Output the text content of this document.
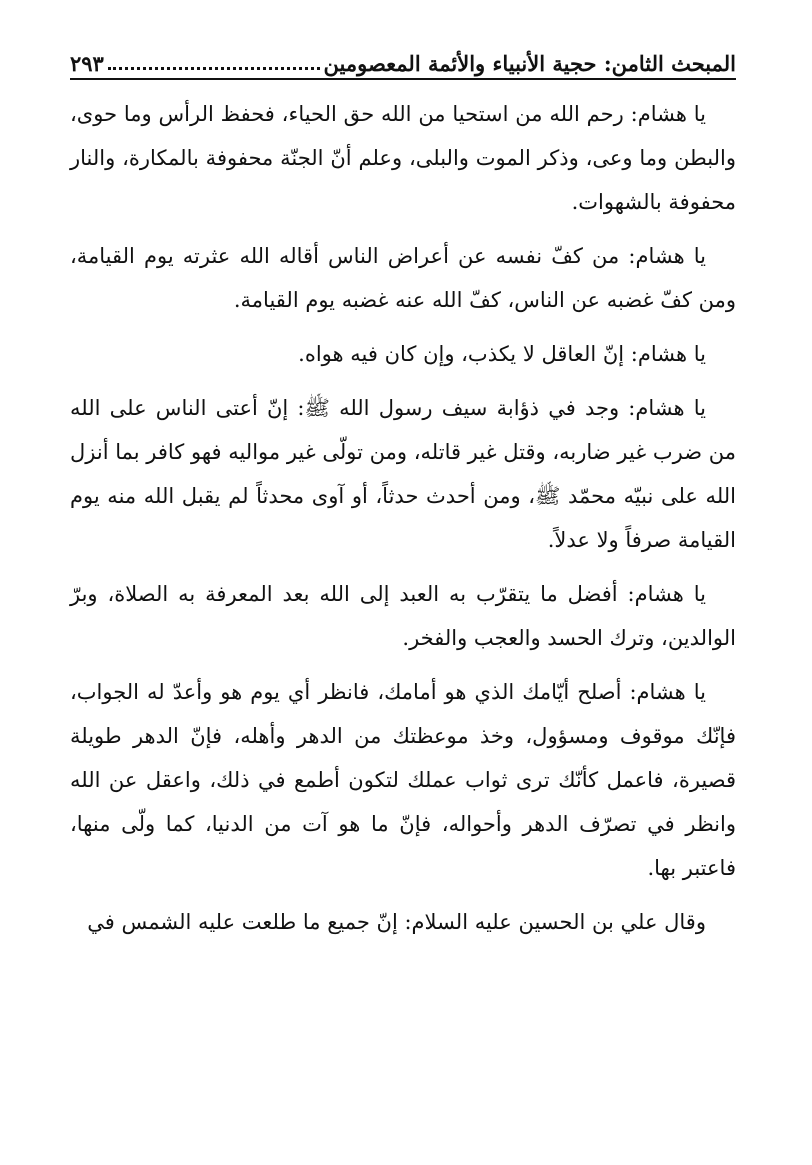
المبحث الثامن: حجية الأنبياء والأئمة المعصومين
٢٩٣

يا هشام: رحم الله من استحيا من الله حق الحياء، فحفظ الرأس وما حوى، والبطن وما وعى، وذكر الموت والبلى، وعلم أنّ الجنّة محفوفة بالمكارة، والنار محفوفة بالشهوات.

يا هشام: من كفّ نفسه عن أعراض الناس أقاله الله عثرته يوم القيامة، ومن كفّ غضبه عن الناس، كفّ الله عنه غضبه يوم القيامة.

يا هشام: إنّ العاقل لا يكذب، وإن كان فيه هواه.

يا هشام: وجد في ذؤابة سيف رسول الله ﷺ: إنّ أعتى الناس على الله من ضرب غير ضاربه، وقتل غير قاتله، ومن تولّى غير مواليه فهو كافر بما أنزل الله على نبيّه محمّد ﷺ، ومن أحدث حدثاً، أو آوى محدثاً لم يقبل الله منه يوم القيامة صرفاً ولا عدلاً.

يا هشام: أفضل ما يتقرّب به العبد إلى الله بعد المعرفة به الصلاة، وبرّ الوالدين، وترك الحسد والعجب والفخر.

يا هشام: أصلح أيّامك الذي هو أمامك، فانظر أي يوم هو وأعدّ له الجواب، فإنّك موقوف ومسؤول، وخذ موعظتك من الدهر وأهله، فإنّ الدهر طويلة قصيرة، فاعمل كأنّك ترى ثواب عملك لتكون أطمع في ذلك، واعقل عن الله وانظر في تصرّف الدهر وأحواله، فإنّ ما هو آت من الدنيا، كما ولّى منها، فاعتبر بها.

وقال علي بن الحسين عليه السلام: إنّ جميع ما طلعت عليه الشمس في
